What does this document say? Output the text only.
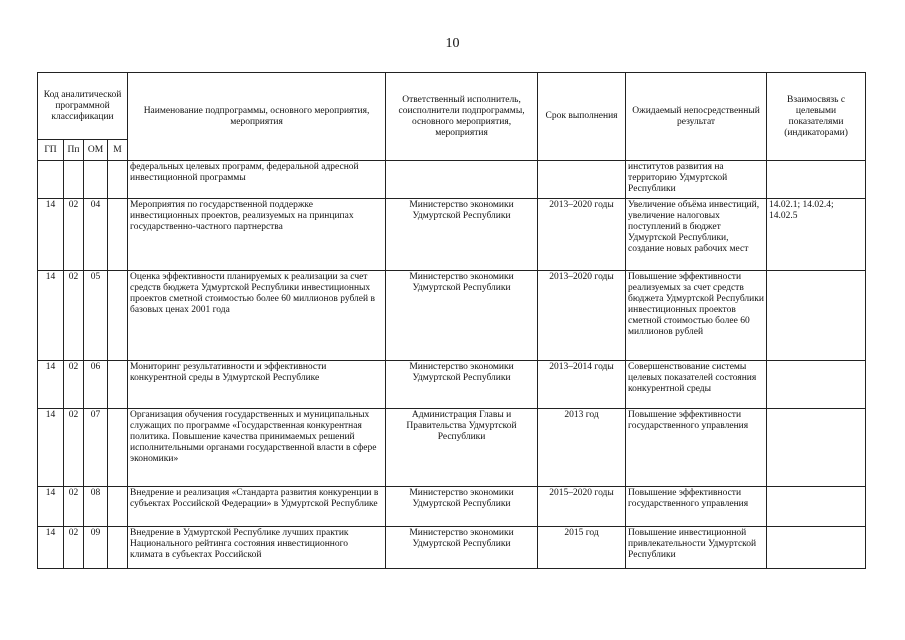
10
Код аналитической программной классификации				Наименование подпрограммы, основного мероприятия, мероприятия	Ответственный исполнитель, соисполнители подпрограммы, основного мероприятия, мероприятия	Срок выполнения	Ожидаемый непосредственный результат	Взаимосвязь с целевыми показателями (индикаторами)
ГП	Пп	ОМ	М					
				федеральных целевых программ, федеральной адресной инвестиционной программы			институтов развития на территорию Удмуртской Республики	
14	02	04		Мероприятия по государственной поддержке инвестиционных проектов, реализуемых на принципах государственно-частного партнерства	Министерство экономики Удмуртской Республики	2013–2020 годы	Увеличение объёма инвестиций, увеличение налоговых поступлений в бюджет Удмуртской Республики, создание новых рабочих мест	14.02.1; 14.02.4; 14.02.5
14	02	05		Оценка эффективности планируемых к реализации за счет средств бюджета Удмуртской Республики инвестиционных проектов сметной стоимостью более 60 миллионов рублей в базовых ценах 2001 года	Министерство экономики Удмуртской Республики	2013–2020 годы	Повышение эффективности реализуемых за счет средств бюджета Удмуртской Республики инвестиционных проектов сметной стоимостью более 60 миллионов рублей	
14	02	06		Мониторинг результативности и эффективности конкурентной среды в Удмуртской Республике	Министерство экономики Удмуртской Республики	2013–2014 годы	Совершенствование системы целевых показателей состояния конкурентной среды	
14	02	07		Организация обучения государственных и муниципальных служащих по программе «Государственная конкурентная политика. Повышение качества принимаемых решений исполнительными органами государственной власти в сфере экономики»	Администрация Главы и Правительства Удмуртской Республики	2013 год	Повышение эффективности государственного управления	
14	02	08		Внедрение и реализация «Стандарта развития конкуренции в субъектах Российской Федерации» в Удмуртской Республике	Министерство экономики Удмуртской Республики	2015–2020 годы	Повышение эффективности государственного управления	
14	02	09		Внедрение в Удмуртской Республике лучших практик Национального рейтинга состояния инвестиционного климата в субъектах Российской	Министерство экономики Удмуртской Республики	2015 год	Повышение инвестиционной привлекательности Удмуртской Республики	
